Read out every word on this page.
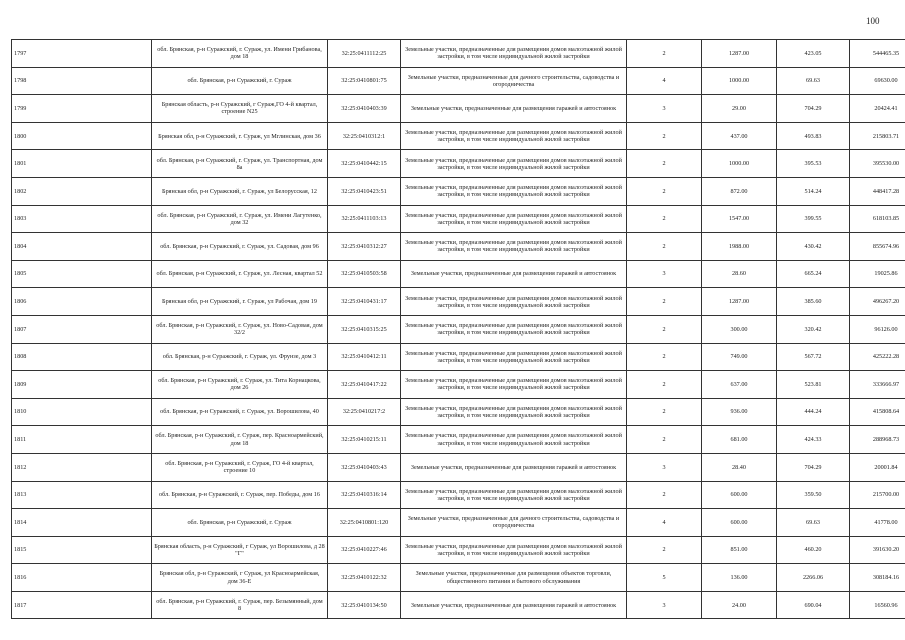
100
1797	обл. Брянская, р-н Суражский, г. Сураж, ул. Имени Грибанова, дом 18	32:25:0411112:25	Земельные участки, предназначенные для размещения домов малоэтажной жилой застройки, в том числе индивидуальной жилой застройки	2	1287.00	423.05	544465.35
1798	обл. Брянская, р-н Суражский, г. Сураж	32:25:0410801:75	Земельные участки, предназначенные для дачного строительства, садоводства и огородничества	4	1000.00	69.63	69630.00
1799	Брянская область, р-н Суражский, г Сураж,ГО 4-й квартал, строение N25	32:25:0410403:39	Земельные участки, предназначенные для размещения гаражей и автостоянок	3	29.00	704.29	20424.41
1800	Брянская обл, р-н Суражский, г. Сураж, ул Мглинская, дом 36	32:25:0410312:1	Земельные участки, предназначенные для размещения домов малоэтажной жилой застройки, в том числе индивидуальной жилой застройки	2	437.00	493.83	215803.71
1801	обл. Брянская, р-н Суражский, г. Сураж, ул. Транспортная, дом 8а	32:25:0410442:15	Земельные участки, предназначенные для размещения домов малоэтажной жилой застройки, в том числе индивидуальной жилой застройки	2	1000.00	395.53	395530.00
1802	Брянская обл, р-н Суражский, г. Сураж, ул Белорусская, 12	32:25:0410423:51	Земельные участки, предназначенные для размещения домов малоэтажной жилой застройки, в том числе индивидуальной жилой застройки	2	872.00	514.24	448417.28
1803	обл. Брянская, р-н Суражский, г. Сураж, ул. Имени Лагутенко, дом 32	32:25:0411103:13	Земельные участки, предназначенные для размещения домов малоэтажной жилой застройки, в том числе индивидуальной жилой застройки	2	1547.00	399.55	618103.85
1804	обл. Брянская, р-н Суражский, г. Сураж, ул. Садовая, дом 96	32:25:0410312:27	Земельные участки, предназначенные для размещения домов малоэтажной жилой застройки, в том числе индивидуальной жилой застройки	2	1988.00	430.42	855674.96
1805	обл. Брянская, р-н Суражский, г. Сураж, ул. Лесная, квартал 52	32:25:0410503:58	Земельные участки, предназначенные для размещения гаражей и автостоянок	3	28.60	665.24	19025.86
1806	Брянская обл, р-н Суражский, г. Сураж, ул Рабочая, дом 19	32:25:0410431:17	Земельные участки, предназначенные для размещения домов малоэтажной жилой застройки, в том числе индивидуальной жилой застройки	2	1287.00	385.60	496267.20
1807	обл. Брянская, р-н Суражский, г. Сураж, ул. Ново-Садовая, дом 32/2	32:25:0410315:25	Земельные участки, предназначенные для размещения домов малоэтажной жилой застройки, в том числе индивидуальной жилой застройки	2	300.00	320.42	96126.00
1808	обл. Брянская, р-н Суражский, г. Сураж, ул. Фрунзе, дом 3	32:25:0410412:11	Земельные участки, предназначенные для размещения домов малоэтажной жилой застройки, в том числе индивидуальной жилой застройки	2	749.00	567.72	425222.28
1809	обл. Брянская, р-н Суражский, г. Сураж, ул. Тита Корнацкова, дом 26	32:25:0410417:22	Земельные участки, предназначенные для размещения домов малоэтажной жилой застройки, в том числе индивидуальной жилой застройки	2	637.00	523.81	333666.97
1810	обл. Брянская, р-н Суражский, г. Сураж, ул. Ворошилова, 40	32:25:0410217:2	Земельные участки, предназначенные для размещения домов малоэтажной жилой застройки, в том числе индивидуальной жилой застройки	2	936.00	444.24	415808.64
1811	обл. Брянская, р-н Суражский, г. Сураж, пер. Красноармейский, дом 18	32:25:0410215:11	Земельные участки, предназначенные для размещения домов малоэтажной жилой застройки, в том числе индивидуальной жилой застройки	2	681.00	424.33	288968.73
1812	обл. Брянская, р-н Суражский, г. Сураж, ГО 4-й квартал, строение 10	32:25:0410403:43	Земельные участки, предназначенные для размещения гаражей и автостоянок	3	28.40	704.29	20001.84
1813	обл. Брянская, р-н Суражский, г. Сураж, пер. Победы, дом 16	32:25:0410316:14	Земельные участки, предназначенные для размещения домов малоэтажной жилой застройки, в том числе индивидуальной жилой застройки	2	600.00	359.50	215700.00
1814	обл. Брянская, р-н Суражский, г. Сураж	32:25:0410801:120	Земельные участки, предназначенные для дачного строительства, садоводства и огородничества	4	600.00	69.63	41778.00
1815	Брянская область, р-н Суражский, г Сураж, ул Ворошилова, д 28 "Г"	32:25:0410227:46	Земельные участки, предназначенные для размещения домов малоэтажной жилой застройки, в том числе индивидуальной жилой застройки	2	851.00	460.20	391630.20
1816	Брянская обл, р-н Суражский, г Сураж, ул Красноармейская, дом 36-Е	32:25:0410122:32	Земельные участки, предназначенные для размещения объектов торговли, общественного питания и бытового обслуживания	5	136.00	2266.06	308184.16
1817	обл. Брянская, р-н Суражский, г. Сураж, пер. Безымянный, дом 8	32:25:0410134:50	Земельные участки, предназначенные для размещения гаражей и автостоянок	3	24.00	690.04	16560.96
